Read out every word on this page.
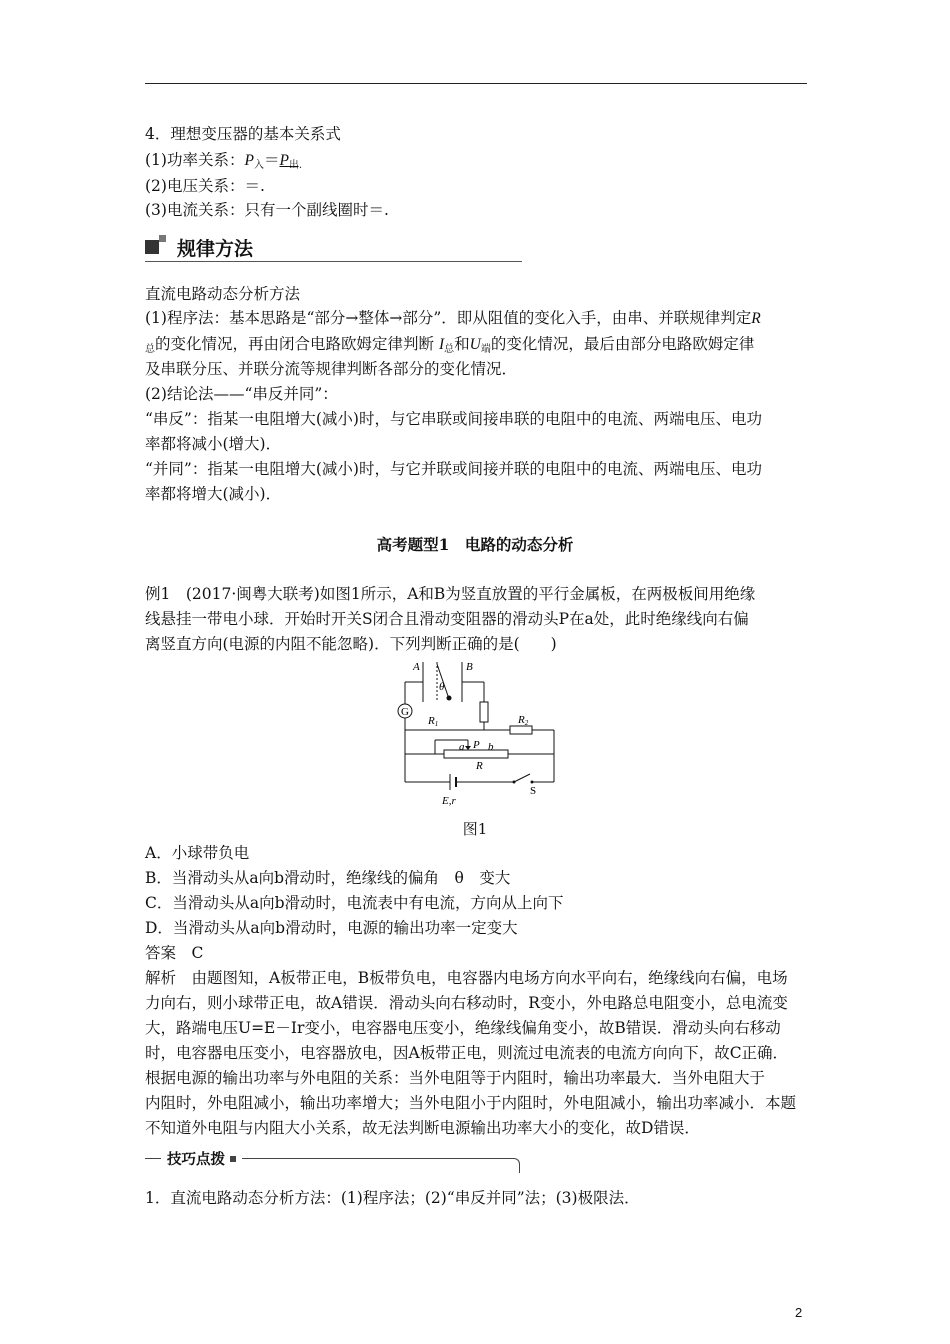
4．理想变压器的基本关系式
(1)功率关系：$P_入=P_{出.}$
(2)电压关系：＝.
(3)电流关系：只有一个副线圈时＝.
规律方法
直流电路动态分析方法
(1)程序法：基本思路是“部分→整体→部分”．即从阻值的变化入手，由串、并联规律判定R
$_总$的变化情况，再由闭合电路欧姆定律判断 $I_总$和$U_端$的变化情况，最后由部分电路欧姆定律
及串联分压、并联分流等规律判断各部分的变化情况．
(2)结论法——“串反并同”：
“串反”：指某一电阻增大(减小)时，与它串联或间接串联的电阻中的电流、两端电压、电功
率都将减小(增大)．
“并同”：指某一电阻增大(减小)时，与它并联或间接并联的电阻中的电流、两端电压、电功
率都将增大(减小)．
高考题型1　电路的动态分析
例1　(2017·闽粤大联考)如图1所示，A和B为竖直放置的平行金属板，在两极板间用绝缘
线悬挂一带电小球．开始时开关S闭合且滑动变阻器的滑动头P在a处，此时绝缘线向右偏
离竖直方向(电源的内阻不能忽略)．下列判断正确的是(　　)
G
A	B
θ
R1	R2
a P b
R
E,r
S
图1
A．小球带负电
B．当滑动头从a向b滑动时，绝缘线的偏角　θ　变大
C．当滑动头从a向b滑动时，电流表中有电流，方向从上向下
D．当滑动头从a向b滑动时，电源的输出功率一定变大
答案　C
解析　由题图知，A板带正电，B板带负电，电容器内电场方向水平向右，绝缘线向右偏，电场
力向右，则小球带正电，故A错误．滑动头向右移动时，R变小，外电路总电阻变小，总电流变
大，路端电压U=E－Ir变小，电容器电压变小，绝缘线偏角变小，故B错误．滑动头向右移动
时，电容器电压变小，电容器放电，因A板带正电，则流过电流表的电流方向向下，故C正确．
根据电源的输出功率与外电阻的关系：当外电阻等于内阻时，输出功率最大．当外电阻大于
内阻时，外电阻减小，输出功率增大；当外电阻小于内阻时，外电阻减小，输出功率减小．本题
不知道外电阻与内阻大小关系，故无法判断电源输出功率大小的变化，故D错误．
技巧点拨
1．直流电路动态分析方法：(1)程序法；(2)“串反并同”法；(3)极限法．
2
